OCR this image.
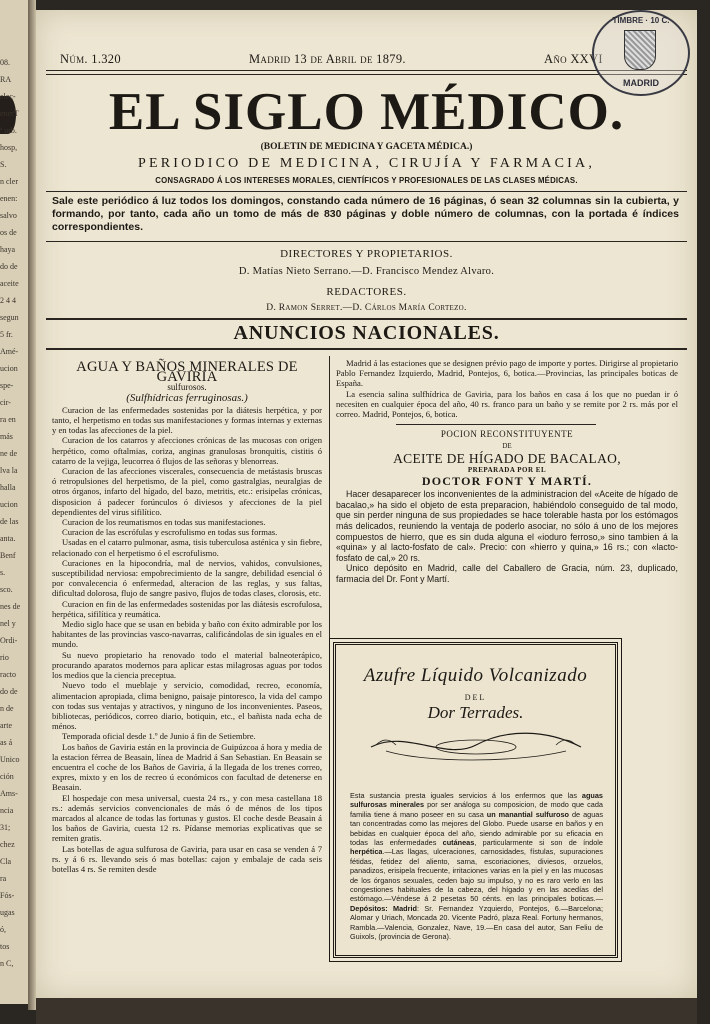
08.
RA
elec-
enerT
ª urb.
hosp,
S.
n cler
enen:
salvo
os de
haya
do de
aceite
2 4 4
segun
5 fr.
Amé-
ucion
spe-
cir-
ra en
más
ne de
lva la
halla
ucion
de las
anta.
Benf
s.
sco.
nes de
nel y
Ordi-
rio
racto
do de
n de
arte
as á
Unico
ción
Ams-
ncia
31;
chez
Cla
ra
Fós-
ugas
ó,
tos
n C,
Núm. 1.320	Madrid 13 de Abril de 1879.	Año XXVI
EL SIGLO MÉDICO.
(BOLETIN DE MEDICINA Y GACETA MÉDICA.)
PERIODICO DE MEDICINA, CIRUJÍA Y FARMACIA,
CONSAGRADO Á LOS INTERESES MORALES, CIENTÍFICOS Y PROFESIONALES DE LAS CLASES MÉDICAS.
Sale este periódico á luz todos los domingos, constando cada número de 16 páginas, ó sean 32 columnas sin la cubierta, y formando, por tanto, cada año un tomo de más de 830 páginas y doble número de columnas, con la portada é índices correspondientes.
DIRECTORES Y PROPIETARIOS.
D. Matías Nieto Serrano.—D. Francisco Mendez Alvaro.
REDACTORES.
D. Ramon Serret.—D. Cárlos María Cortezo.
ANUNCIOS NACIONALES.

AGUA Y BAÑOS MINERALES DE GAVIRIA

sulfurosos.

(Sulfhídricas ferruginosas.)

Curacion de las enfermedades sostenidas por la diátesis herpética, y por tanto, el herpetismo en todas sus manifestaciones y formas internas y externas y en todas las afecciones de la piel.

Curacion de los catarros y afecciones crónicas de las mucosas con origen herpético, como oftalmias, coriza, anginas granulosas bronquitis, cistitis ó catarro de la vejiga, leucorrea ó flujos de las señoras y blenorreas.

Curacion de las afecciones viscerales, consecuencia de metástasis bruscas ó retropulsiones del herpetismo, de la piel, como gastralgias, neuralgias de otros órganos, infarto del hígado, del bazo, metritis, etc.: erisipelas crónicas, disposicion á padecer forúnculos ó diviesos y afecciones de la piel dependientes del virus sifilítico.

Curacion de los reumatismos en todas sus manifestaciones.

Curacion de las escrófulas y escrofulismo en todas sus formas.

Usadas en el catarro pulmonar, asma, tisis tuberculosa asténica y sin fiebre, relacionado con el herpetismo ó el escrofulismo.

Curaciones en la hipocondría, mal de nervios, vahidos, convulsiones, susceptibilidad nerviosa: empobrecimiento de la sangre, debilidad esencial ó por convalecencia ó enfermedad, alteracion de las reglas, y sus faltas, dificultad dolorosa, flujo de sangre pasivo, flujos de todas clases, clorosis, etc.

Curacion en fin de las enfermedades sostenidas por las diátesis escrofulosa, herpética, sifilítica y reumática.

Medio siglo hace que se usan en bebida y baño con éxito admirable por los habitantes de las provincias vasco-navarras, calificándolas de sin iguales en el mundo.

Su nuevo propietario ha renovado todo el material balneoterápico, procurando aparatos modernos para aplicar estas milagrosas aguas por todos los medios que la ciencia preceptua.

Nuevo todo el mueblaje y servicio, comodidad, recreo, economía, alimentacion apropiada, clima benigno, paisaje pintoresco, la vida del campo con todas sus ventajas y atractivos, y ninguno de los inconvenientes. Paseos, bibliotecas, periódicos, correo diario, botiquin, etc., el bañista nada echa de ménos.

Temporada oficial desde 1.º de Junio á fin de Setiembre.

Los baños de Gaviria están en la provincia de Guipúzcoa á hora y media de la estacion férrea de Beasain, línea de Madrid á San Sebastian. En Beasain se encuentra el coche de los Baños de Gaviria, á la llegada de los trenes correo, expres, mixto y en los de recreo ú económicos con facultad de detenerse en Beasain.

El hospedaje con mesa universal, cuesta 24 rs., y con mesa castellana 18 rs.: además servicios convencionales de más ó de ménos de los tipos marcados al alcance de todas las fortunas y gustos. El coche desde Beasain á los baños de Gaviria, cuesta 12 rs. Pídanse memorias explicativas que se remiten gratis.

Las botellas de agua sulfurosa de Gaviria, para usar en casa se venden á 7 rs. y á 6 rs. llevando seis ó mas botellas: cajon y embalaje de cada seis botellas 4 rs. Se remiten desde

Madrid á las estaciones que se designen prévio pago de importe y portes. Dirigirse al propietario Pablo Fernandez Izquierdo, Madrid, Pontejos, 6, botica.—Provincias, las principales boticas de España.

La esencia salina sulfhídrica de Gaviria, para los baños en casa á los que no puedan ir ó necesiten en cualquier época del año, 40 rs. franco para un baño y se remite por 2 rs. más por el correo. Madrid, Pontejos, 6, botica.

POCION RECONSTITUYENTE

DE

ACEITE DE HÍGADO DE BACALAO,

PREPARADA POR EL

DOCTOR FONT Y MARTÍ.

Hacer desaparecer los inconvenientes de la administracion del «Aceite de hígado de bacalao,» ha sido el objeto de esta preparacion, habiéndolo conseguido de tal modo, que sin perder ninguna de sus propiedades se hace tolerable hasta por los estómagos más delicados, reuniendo la ventaja de poderlo asociar, no sólo á uno de los mejores compuestos de hierro, que es sin duda alguna el «ioduro ferroso,» sino tambien á la «quina» y al lacto-fosfato de cal». Precio: con «hierro y quina,» 16 rs.; con «lacto-fosfato de cal,» 20 rs.

Unico depósito en Madrid, calle del Caballero de Gracia, núm. 23, duplicado, farmacia del Dr. Font y Martí.

Azufre Líquido Volcanizado
DEL
Dor Terrades.
Esta sustancia presta iguales servicios á los enfermos que las aguas sulfurosas minerales por ser análoga su composicion, de modo que cada familia tiene á mano poseer en su casa un manantial sulfuroso de aguas tan concentradas como las mejores del Globo. Puede usarse en baños y en bebidas en cualquier época del año, siendo admirable por su eficacia en todas las enfermedades cutáneas, particularmente si son de índole herpética.—Las llagas, ulceraciones, carnosidades, fístulas, supuraciones fétidas, fetidez del aliento, sarna, escoriaciones, diviesos, orzuelos, panadizos, erisipela frecuente, irritaciones varias en la piel y en las mucosas de los órganos sexuales, ceden bajo su impulso, y no es raro verlo en las congestiones habituales de la cabeza, del hígado y en las acedías del estómago.—Véndese á 2 pesetas 50 cénts. en las principales boticas.—Depósitos: Madrid: Sr. Fernandez Yzquierdo, Pontejos, 6.—Barcelona; Alomar y Uriach, Moncada 20. Vicente Padró, plaza Real. Fortuny hermanos, Rambla.—Valencia, Gonzalez, Nave, 19.—En casa del autor, San Feliu de Guixols, (provincia de Gerona).
TIMBRE · 10 C.
MADRID
